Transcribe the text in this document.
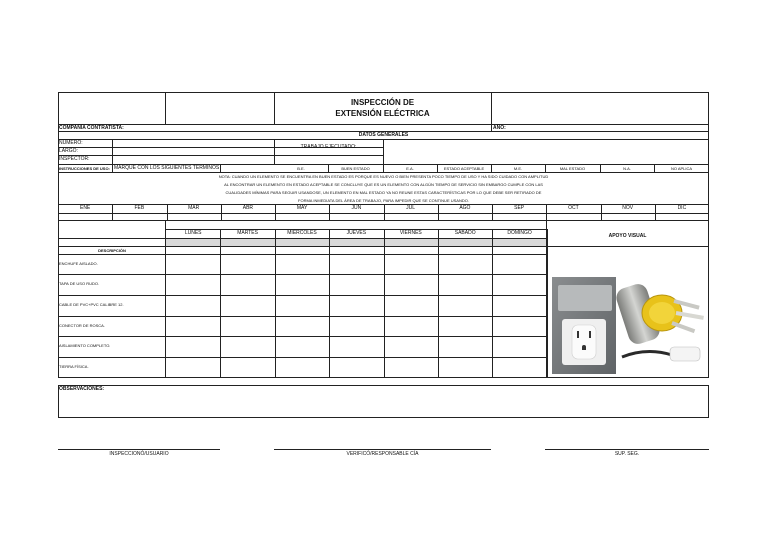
INSPECCIÓN DE
EXTENSIÓN ELÉCTRICA
COMPAÑÍA CONTRATISTA:	AÑO:
DATOS GENERALES
NUMERO:
LARGO:
INSPECTOR:
TRABAJO EJECUTADO:
INSTRUCCIONES DE USO: MARQUE CON LOS SIGUIENTES TÉRMINOS	B.E.	BUEN ESTADO	E.A.	ESTADO ACEPTABLE	M.E.	MAL ESTADO	N.A.	NO APLICA
NOTA: CUANDO UN ELEMENTO SE ENCUENTRA EN BUEN ESTADO ES PORQUE ES NUEVO O BIEN PRESENTA POCO TIEMPO DE USO Y HA SIDO CUIDADO CON AMPLITUD
AL ENCONTRAR UN ELEMENTO EN ESTADO ACEPTABLE SE CONCLUYE QUE ES UN ELEMENTO CON ALGÚN TIEMPO DE SERVICIO SIN EMBARGO CUMPLE CON LAS
CUALIDADES MÍNIMAS PARA SEGUIR USANDOSE, UN ELEMENTO EN MAL ESTADO YA NO REUNE ESTAS CARACTERÍSTICAS POR LO QUE DEBE SER RETIRADO DE
FORMA INMEDIATA DEL ÁREA DE TRABAJO, PARA IMPEDIR QUE SE CONTINUE USANDO.
ENE	FEB	MAR	ABR	MAY	JUN	JUL	AGO	SEP	OCT	NOV	DIC
APOYO VISUAL
DESCRIPCIÓN
LUNES	MARTES	MIÉRCOLES	JUEVES	VIERNES	SÁBADO	DOMINGO
ENCHUFE AISLADO.
TAPA DE USO RUDO.
CABLE DE PVC+PVC CALIBRE 12.
CONECTOR DE ROSCA.
AISLAMIENTO COMPLETO.
TIERRA FÍSICA.
OBSERVACIONES:
INSPECCIONÓ/USUARIO	VERIFICÓ/RESPONSABLE CÍA	SUP. SEG.
